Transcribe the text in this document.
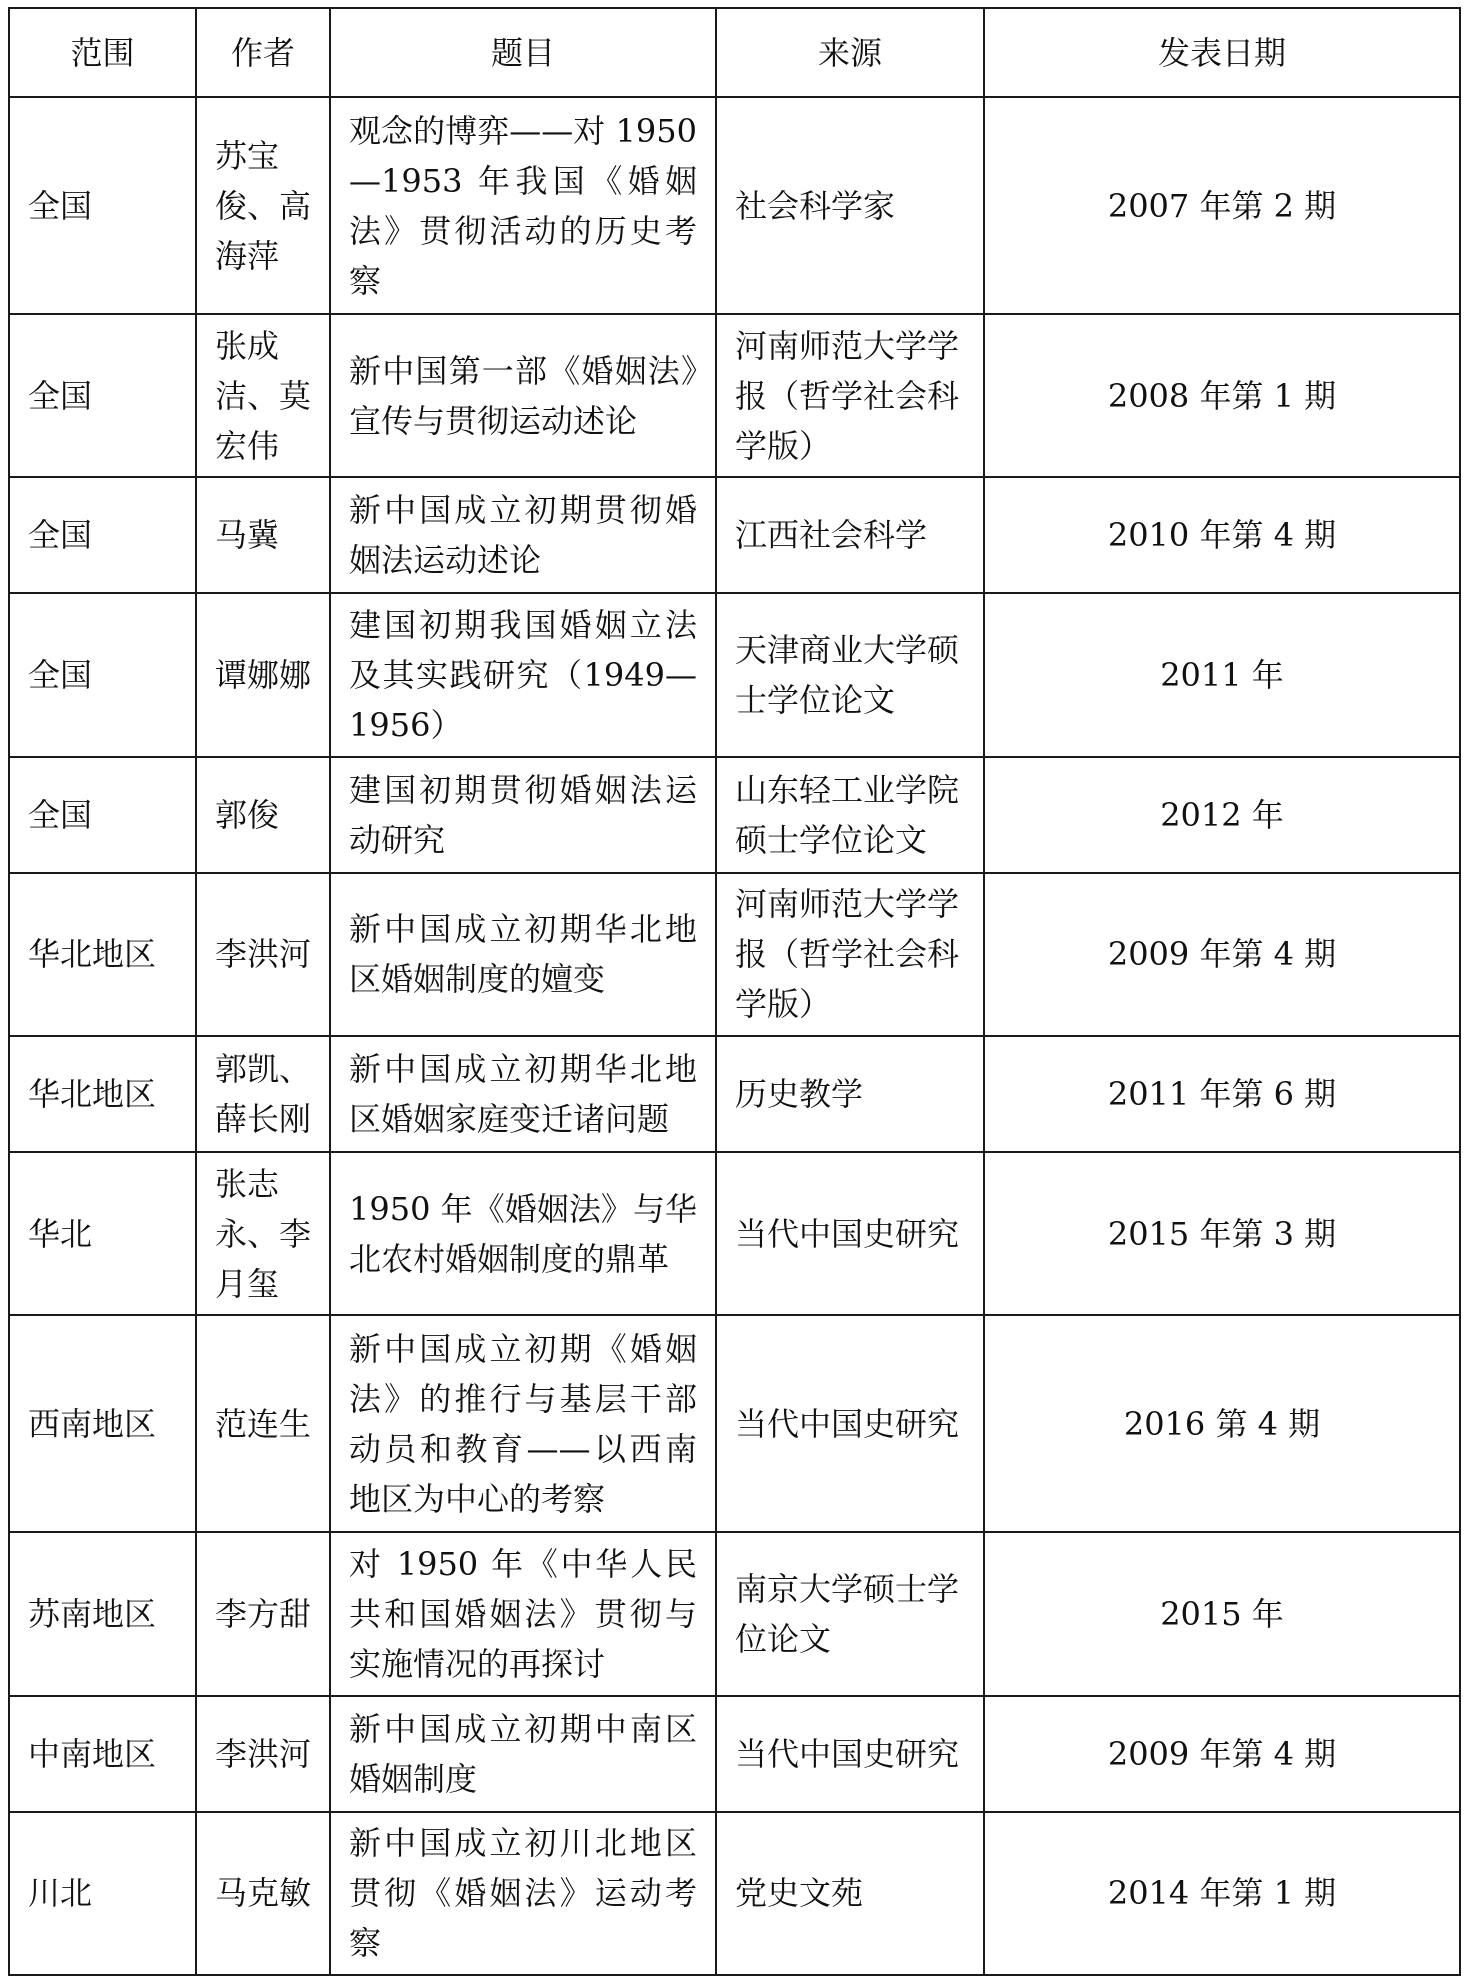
范围	作者	题目	来源	发表日期
全国	苏宝俊、高海萍	观念的博弈——对 1950—1953 年我国《婚姻法》贯彻活动的历史考察	社会科学家	2007 年第 2 期
全国	张成洁、莫宏伟	新中国第一部《婚姻法》宣传与贯彻运动述论	河南师范大学学报（哲学社会科学版）	2008 年第 1 期
全国	马冀	新中国成立初期贯彻婚姻法运动述论	江西社会科学	2010 年第 4 期
全国	谭娜娜	建国初期我国婚姻立法及其实践研究（1949—1956）	天津商业大学硕士学位论文	2011 年
全国	郭俊	建国初期贯彻婚姻法运动研究	山东轻工业学院硕士学位论文	2012 年
华北地区	李洪河	新中国成立初期华北地区婚姻制度的嬗变	河南师范大学学报（哲学社会科学版）	2009 年第 4 期
华北地区	郭凯、薛长刚	新中国成立初期华北地区婚姻家庭变迁诸问题	历史教学	2011 年第 6 期
华北	张志永、李月玺	1950 年《婚姻法》与华北农村婚姻制度的鼎革	当代中国史研究	2015 年第 3 期
西南地区	范连生	新中国成立初期《婚姻法》的推行与基层干部动员和教育——以西南地区为中心的考察	当代中国史研究	2016 第 4 期
苏南地区	李方甜	对 1950 年《中华人民共和国婚姻法》贯彻与实施情况的再探讨	南京大学硕士学位论文	2015 年
中南地区	李洪河	新中国成立初期中南区婚姻制度	当代中国史研究	2009 年第 4 期
川北	马克敏	新中国成立初川北地区贯彻《婚姻法》运动考察	党史文苑	2014 年第 1 期
